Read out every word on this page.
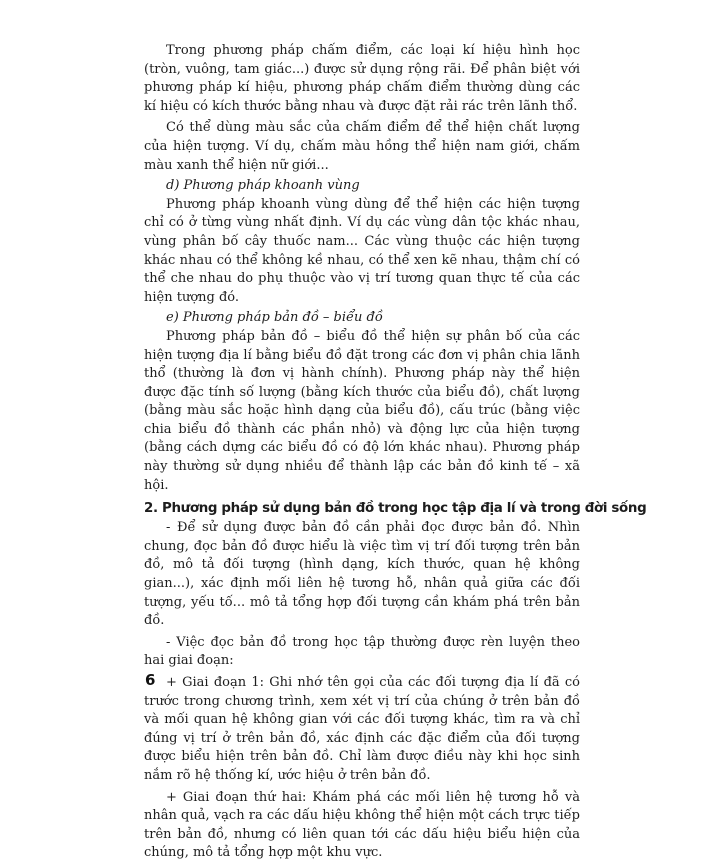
Trong phương pháp chấm điểm, các loại kí hiệu hình học (tròn, vuông, tam giác...) được sử dụng rộng rãi. Để phân biệt với phương pháp kí hiệu, phương pháp chấm điểm thường dùng các kí hiệu có kích thước bằng nhau và được đặt rải rác trên lãnh thổ.

Có thể dùng màu sắc của chấm điểm để thể hiện chất lượng của hiện tượng. Ví dụ, chấm màu hồng thể hiện nam giới, chấm màu xanh thể hiện nữ giới...

d) Phương pháp khoanh vùng

Phương pháp khoanh vùng dùng để thể hiện các hiện tượng chỉ có ở từng vùng nhất định. Ví dụ các vùng dân tộc khác nhau, vùng phân bố cây thuốc nam... Các vùng thuộc các hiện tượng khác nhau có thể không kề nhau, có thể xen kẽ nhau, thậm chí có thể che nhau do phụ thuộc vào vị trí tương quan thực tế của các hiện tượng đó.

e) Phương pháp bản đồ – biểu đồ

Phương pháp bản đồ – biểu đồ thể hiện sự phân bố của các hiện tượng địa lí bằng biểu đồ đặt trong các đơn vị phân chia lãnh thổ (thường là đơn vị hành chính). Phương pháp này thể hiện được đặc tính số lượng (bằng kích thước của biểu đồ), chất lượng (bằng màu sắc hoặc hình dạng của biểu đồ), cấu trúc (bằng việc chia biểu đồ thành các phần nhỏ) và động lực của hiện tượng (bằng cách dựng các biểu đồ có độ lớn khác nhau). Phương pháp này thường sử dụng nhiều để thành lập các bản đồ kinh tế – xã hội.

2. Phương pháp sử dụng bản đồ trong học tập địa lí và trong đời sống

- Để sử dụng được bản đồ cần phải đọc được bản đồ. Nhìn chung, đọc bản đồ được hiểu là việc tìm vị trí đối tượng trên bản đồ, mô tả đối tượng (hình dạng, kích thước, quan hệ không gian...), xác định mối liên hệ tương hỗ, nhân quả giữa các đối tượng, yếu tố... mô tả tổng hợp đối tượng cần khám phá trên bản đồ.

- Việc đọc bản đồ trong học tập thường được rèn luyện theo hai giai đoạn:

+ Giai đoạn 1: Ghi nhớ tên gọi của các đối tượng địa lí đã có trước trong chương trình, xem xét vị trí của chúng ở trên bản đồ và mối quan hệ không gian với các đối tượng khác, tìm ra và chỉ đúng vị trí ở trên bản đồ, xác định các đặc điểm của đối tượng được biểu hiện trên bản đồ. Chỉ làm được điều này khi học sinh nắm rõ hệ thống kí, ước hiệu ở trên bản đồ.

+ Giai đoạn thứ hai: Khám phá các mối liên hệ tương hỗ và nhân quả, vạch ra các dấu hiệu không thể hiện một cách trực tiếp trên bản đồ, nhưng có liên quan tới các dấu hiệu biểu hiện của chúng, mô tả tổng hợp một khu vực.

6
